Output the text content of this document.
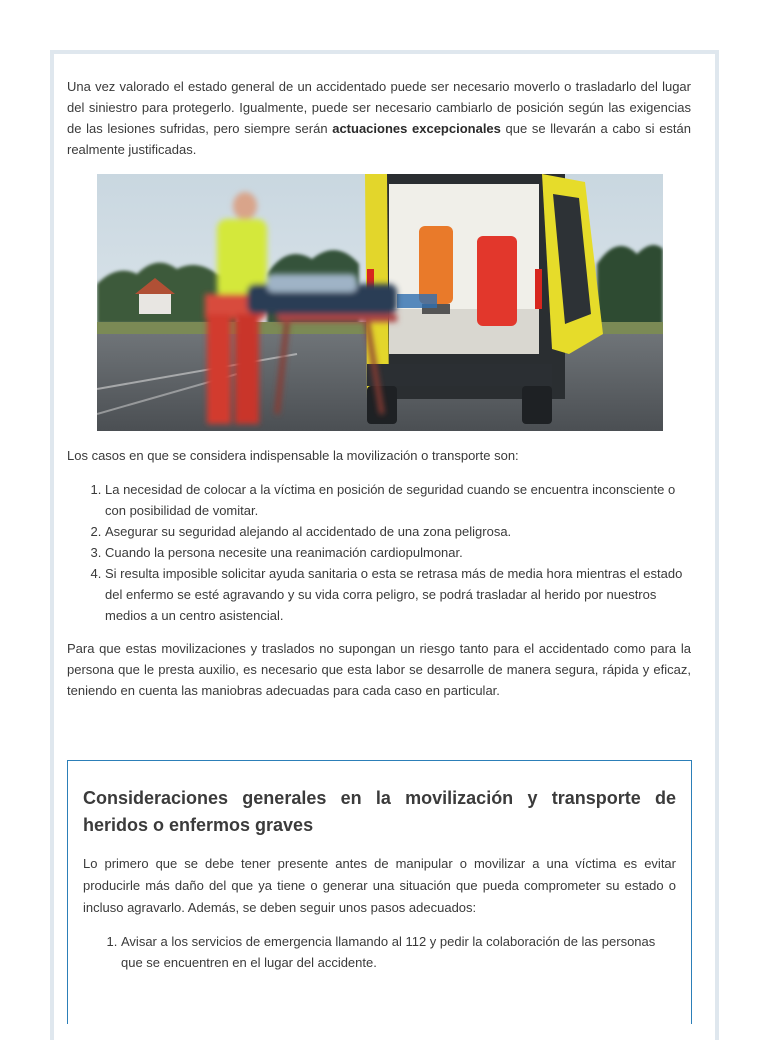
Una vez valorado el estado general de un accidentado puede ser necesario moverlo o trasladarlo del lugar del siniestro para protegerlo. Igualmente, puede ser necesario cambiarlo de posición según las exigencias de las lesiones sufridas, pero siempre serán actuaciones excepcionales que se llevarán a cabo si están realmente justificadas.

Los casos en que se considera indispensable la movilización o transporte son:

1. La necesidad de colocar a la víctima en posición de seguridad cuando se encuentra inconsciente o con posibilidad de vomitar.
2. Asegurar su seguridad alejando al accidentado de una zona peligrosa.
3. Cuando la persona necesite una reanimación cardiopulmonar.
4. Si resulta imposible solicitar ayuda sanitaria o esta se retrasa más de media hora mientras el estado del enfermo se esté agravando y su vida corra peligro, se podrá trasladar al herido por nuestros medios a un centro asistencial.

Para que estas movilizaciones y traslados no supongan un riesgo tanto para el accidentado como para la persona que le presta auxilio, es necesario que esta labor se desarrolle de manera segura, rápida y eficaz, teniendo en cuenta las maniobras adecuadas para cada caso en particular.

Consideraciones generales en la movilización y transporte de heridos o enfermos graves

Lo primero que se debe tener presente antes de manipular o movilizar a una víctima es evitar producirle más daño del que ya tiene o generar una situación que pueda comprometer su estado o incluso agravarlo. Además, se deben seguir unos pasos adecuados:

1. Avisar a los servicios de emergencia llamando al 112 y pedir la colaboración de las personas que se encuentren en el lugar del accidente.
